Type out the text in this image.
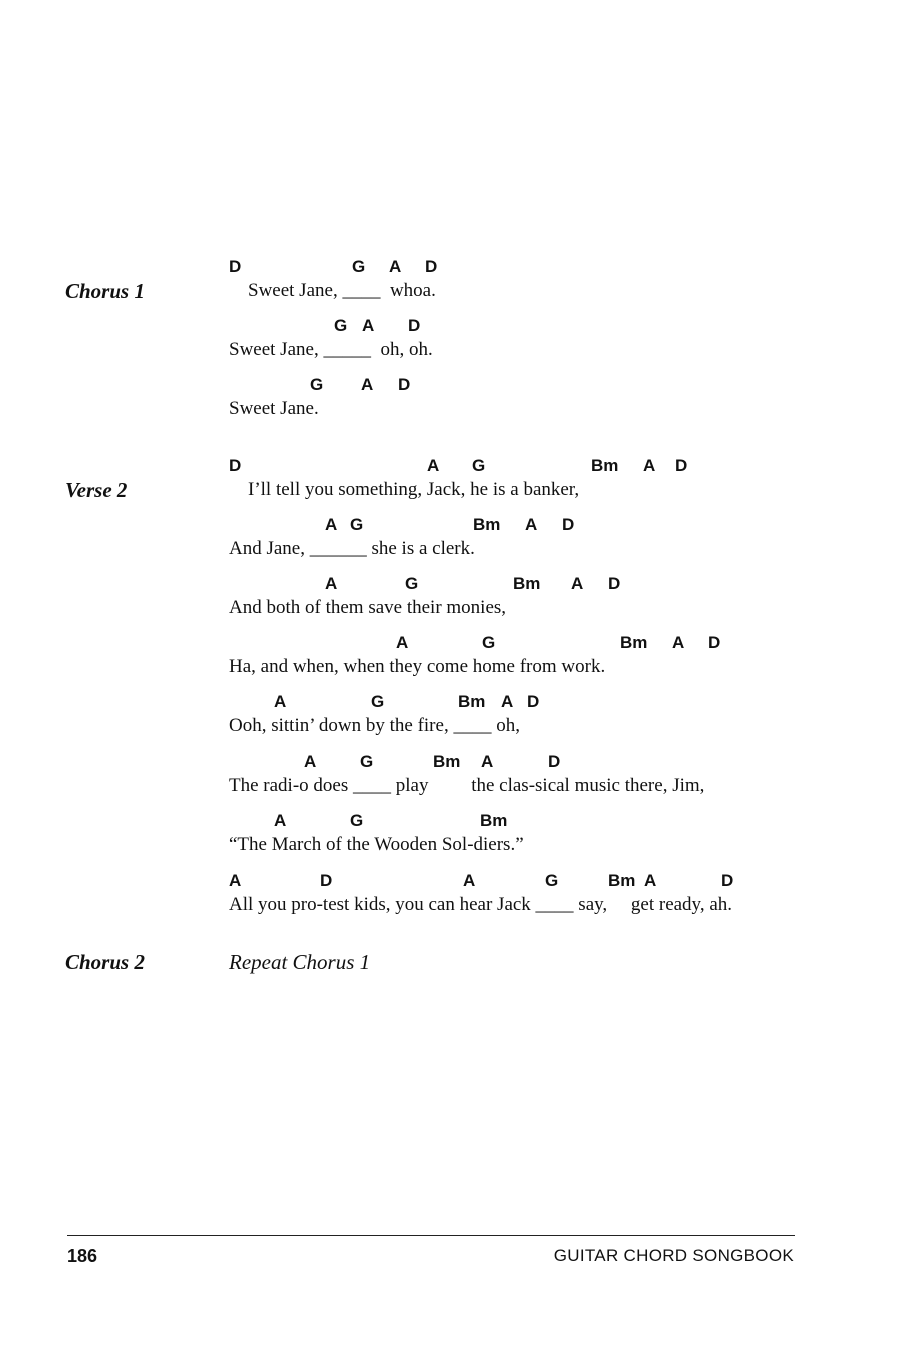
Chorus 1
D	G A D
Sweet Jane, ____  whoa.
G A D
Sweet Jane, _____  oh, oh.
G A D
Sweet Jane.
Verse 2
D	A G	Bm A D
I’ll tell you something, Jack, he is a banker,
A G	Bm A D
And Jane, ______ she is a clerk.
A	G	Bm A D
And both of them save their monies,
A	G	Bm A D
Ha, and when, when they come home from work.
A	G	Bm A D
Ooh, sittin’ down by the fire, ____ oh,
A	G	Bm A	D
The radi-o does ____ play         the clas-sical music there, Jim,
A	G	Bm
“The March of the Wooden Sol-diers.”
A	D	A	G	Bm A	D
All you pro-test kids, you can hear Jack ____ say,     get ready, ah.
Chorus 2	Repeat Chorus 1
186	GUITAR CHORD SONGBOOK
